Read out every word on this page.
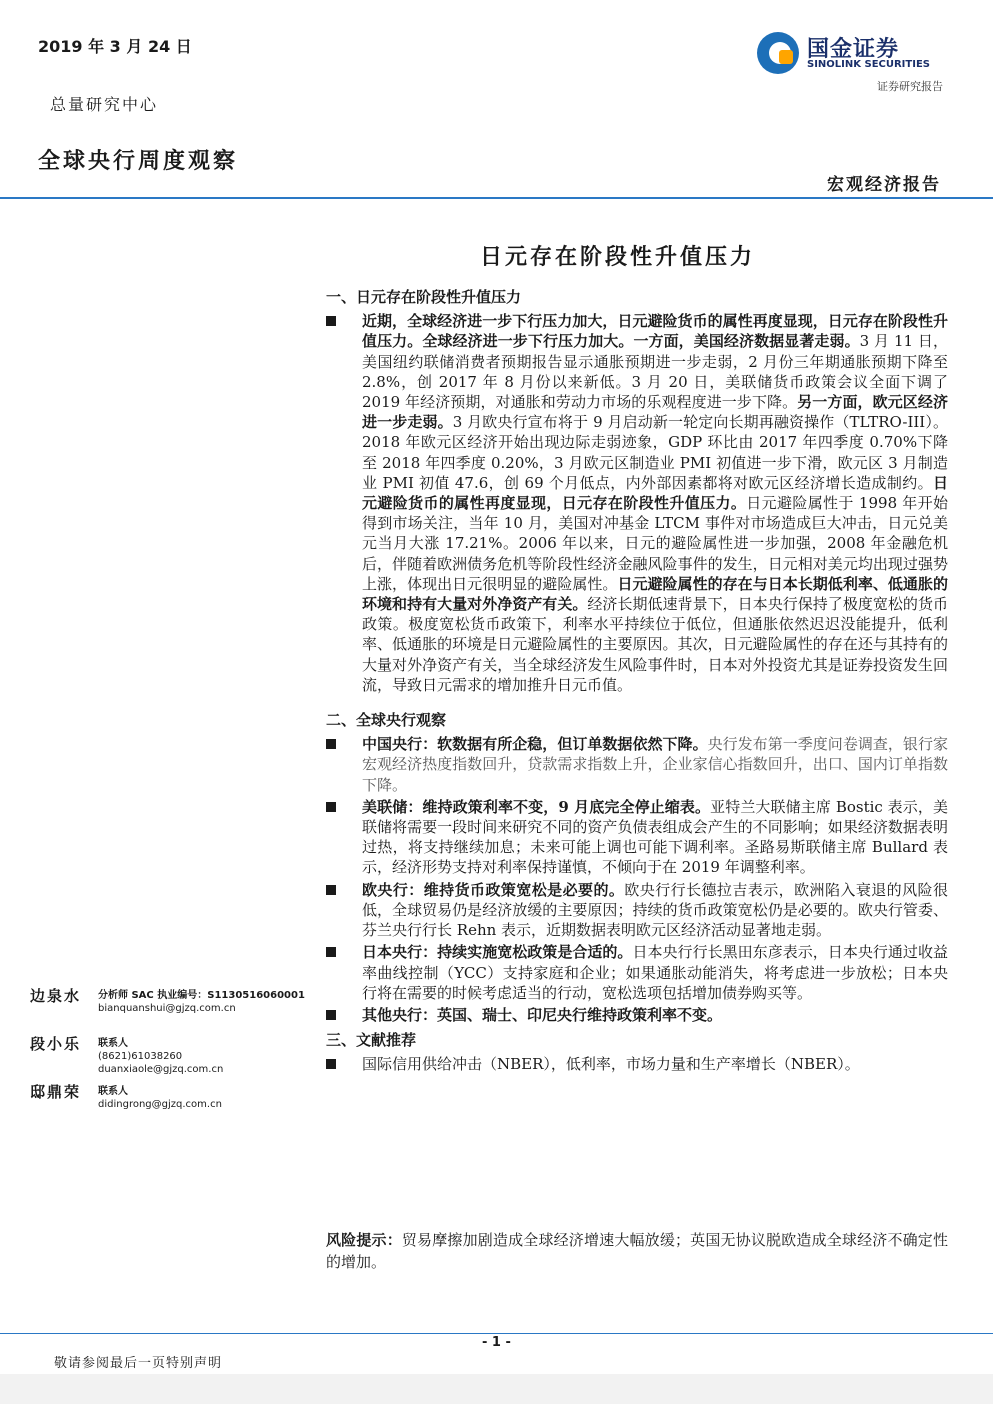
2019 年 3 月 24 日
总量研究中心
全球央行周度观察
国金证券
SINOLINK SECURITIES
证券研究报告
宏观经济报告
日元存在阶段性升值压力
一、日元存在阶段性升值压力
近期，全球经济进一步下行压力加大，日元避险货币的属性再度显现，日元存在阶段性升值压力。全球经济进一步下行压力加大。一方面，美国经济数据显著走弱。3 月 11 日，美国纽约联储消费者预期报告显示通胀预期进一步走弱，2 月份三年期通胀预期下降至 2.8%，创 2017 年 8 月份以来新低。3 月 20 日，美联储货币政策会议全面下调了 2019 年经济预期，对通胀和劳动力市场的乐观程度进一步下降。另一方面，欧元区经济进一步走弱。3 月欧央行宣布将于 9 月启动新一轮定向长期再融资操作（TLTRO-III）。2018 年欧元区经济开始出现边际走弱迹象，GDP 环比由 2017 年四季度 0.70%下降至 2018 年四季度 0.20%，3 月欧元区制造业 PMI 初值进一步下滑，欧元区 3 月制造业 PMI 初值 47.6，创 69 个月低点，内外部因素都将对欧元区经济增长造成制约。日元避险货币的属性再度显现，日元存在阶段性升值压力。日元避险属性于 1998 年开始得到市场关注，当年 10 月，美国对冲基金 LTCM 事件对市场造成巨大冲击，日元兑美元当月大涨 17.21%。2006 年以来，日元的避险属性进一步加强，2008 年金融危机后，伴随着欧洲债务危机等阶段性经济金融风险事件的发生，日元相对美元均出现过强势上涨，体现出日元很明显的避险属性。日元避险属性的存在与日本长期低利率、低通胀的环境和持有大量对外净资产有关。经济长期低速背景下，日本央行保持了极度宽松的货币政策。极度宽松货币政策下，利率水平持续位于低位，但通胀依然迟迟没能提升，低利率、低通胀的环境是日元避险属性的主要原因。其次，日元避险属性的存在还与其持有的大量对外净资产有关，当全球经济发生风险事件时，日本对外投资尤其是证券投资发生回流，导致日元需求的增加推升日元币值。
二、全球央行观察
中国央行：软数据有所企稳，但订单数据依然下降。央行发布第一季度问卷调查，银行家宏观经济热度指数回升，贷款需求指数上升，企业家信心指数回升，出口、国内订单指数下降。
美联储：维持政策利率不变，9 月底完全停止缩表。亚特兰大联储主席 Bostic 表示，美联储将需要一段时间来研究不同的资产负债表组成会产生的不同影响；如果经济数据表明过热，将支持继续加息；未来可能上调也可能下调利率。圣路易斯联储主席 Bullard 表示，经济形势支持对利率保持谨慎，不倾向于在 2019 年调整利率。
欧央行：维持货币政策宽松是必要的。欧央行行长德拉吉表示，欧洲陷入衰退的风险很低，全球贸易仍是经济放缓的主要原因；持续的货币政策宽松仍是必要的。欧央行管委、芬兰央行行长 Rehn 表示，近期数据表明欧元区经济活动显著地走弱。
日本央行：持续实施宽松政策是合适的。日本央行行长黑田东彦表示，日本央行通过收益率曲线控制（YCC）支持家庭和企业；如果通胀动能消失，将考虑进一步放松；日本央行将在需要的时候考虑适当的行动，宽松选项包括增加债券购买等。
其他央行：英国、瑞士、印尼央行维持政策利率不变。
三、文献推荐
国际信用供给冲击（NBER），低利率，市场力量和生产率增长（NBER）。
边泉水 分析师 SAC 执业编号：S1130516060001
bianquanshui@gjzq.com.cn
段小乐 联系人
(8621)61038260
duanxiaole@gjzq.com.cn
邸鼎荣 联系人
didingrong@gjzq.com.cn
风险提示：贸易摩擦加剧造成全球经济增速大幅放缓；英国无协议脱欧造成全球经济不确定性的增加。
- 1 -
敬请参阅最后一页特别声明
